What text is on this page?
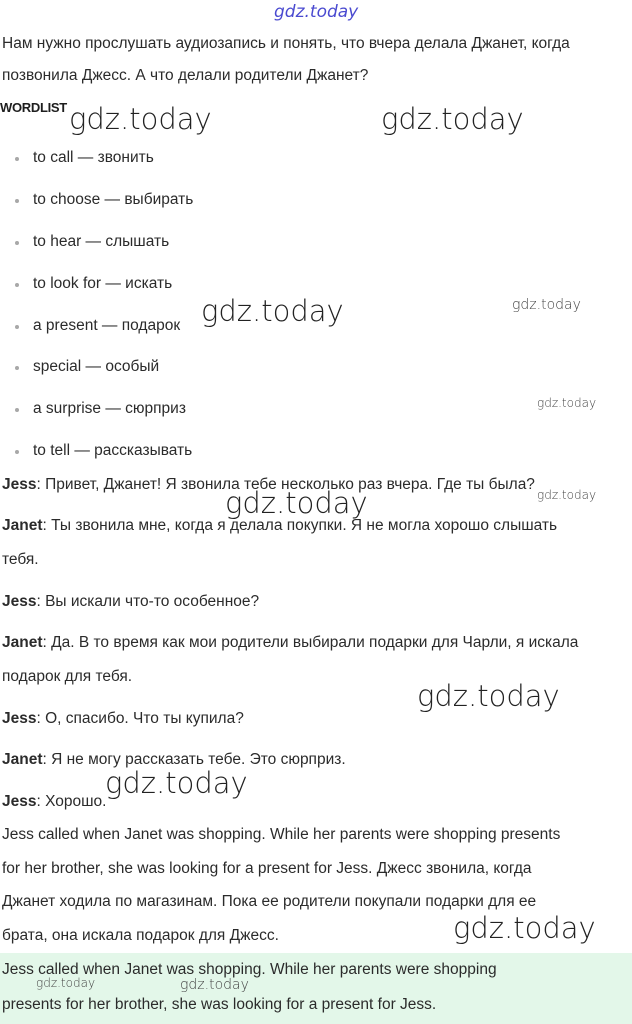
gdz.today
Нам нужно прослушать аудиозапись и понять, что вчера делала Джанет, когда
позвонила Джесс. А что делали родители Джанет?
WORDLIST
to call — звонить
to choose — выбирать
to hear — слышать
to look for — искать
a present — подарок
special — особый
a surprise — сюрприз
to tell — рассказывать
Jess: Привет, Джанет! Я звонила тебе несколько раз вчера. Где ты была?
Janet: Ты звонила мне, когда я делала покупки. Я не могла хорошо слышать
тебя.
Jess: Вы искали что-то особенное?
Janet: Да. В то время как мои родители выбирали подарки для Чарли, я искала
подарок для тебя.
Jess: О, спасибо. Что ты купила?
Janet: Я не могу рассказать тебе. Это сюрприз.
Jess: Хорошо.
Jess called when Janet was shopping. While her parents were shopping presents
for her brother, she was looking for a present for Jess. Джесс звонила, когда
Джанет ходила по магазинам. Пока ее родители покупали подарки для ее
брата, она искала подарок для Джесс.
Jess called when Janet was shopping. While her parents were shopping
presents for her brother, she was looking for a present for Jess.
gdz.today	gdz.today
gdz.today	gdz.today
gdz.today
gdz.today	gdz.today
gdz.today
gdz.today
gdz.today
gdz.today	gdz.today
